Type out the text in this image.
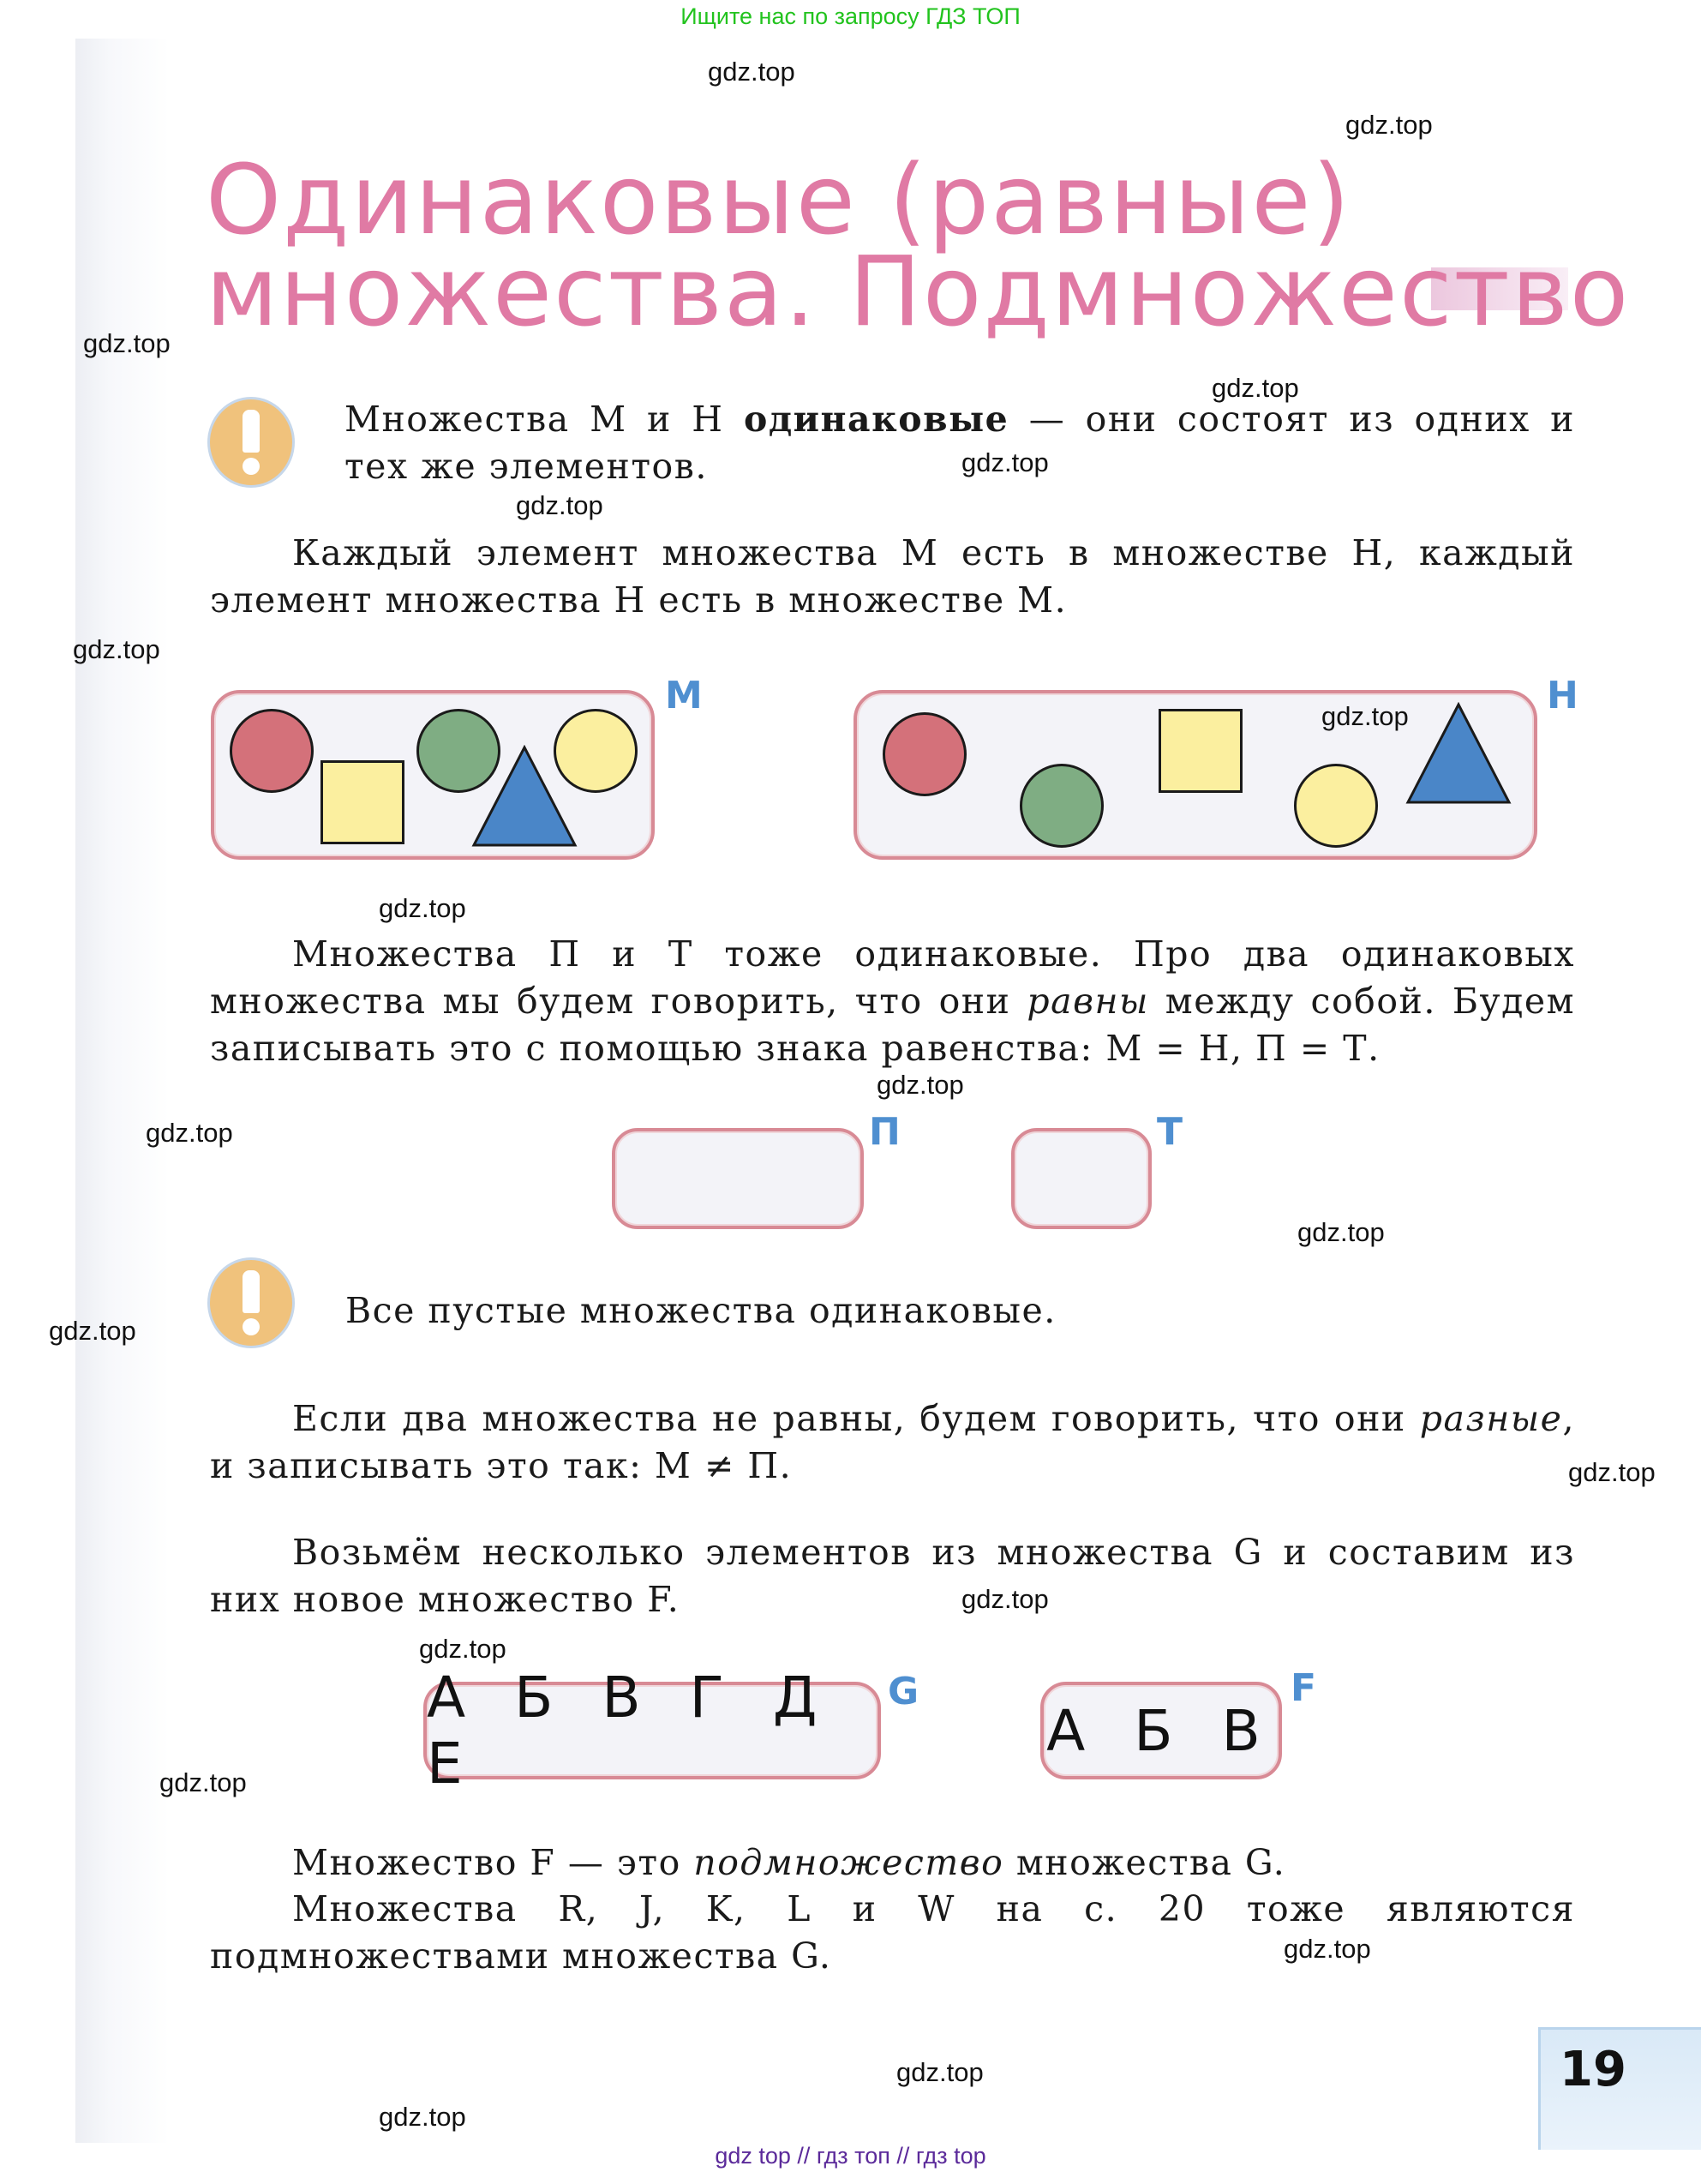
Ищите нас по запросу ГДЗ ТОП
Одинаковые (равные)
множества. Подмножество
Множества М и Н одинаковые — они состоят из одних и тех же элементов.
Каждый элемент множества М есть в множестве Н, каждый элемент множества Н есть в множестве М.
М	Н
Множества П и Т тоже одинаковые. Про два одинаковых множества мы будем говорить, что они равны между собой. Будем записывать это с помощью знака равенства: М = Н, П = Т.
П	Т
Все пустые множества одинаковые.
Если два множества не равны, будем говорить, что они разные, и записывать это так: М ≠ П.
Возьмём несколько элементов из множества G и составим из них новое множество F.
А Б В Г Д Е
G
А Б В
F
Множество F — это подмножество множества G.
Множества R, J, K, L и W на с. 20 тоже являются подмножествами множества G.
19
gdz.top
gdz.top
gdz.top
gdz.top
gdz.top
gdz.top
gdz.top
gdz.top
gdz.top
gdz.top
gdz.top
gdz.top
gdz.top
gdz.top
gdz.top
gdz.top
gdz.top
gdz.top
gdz.top
gdz.top
gdz top // гдз топ // гдз top
